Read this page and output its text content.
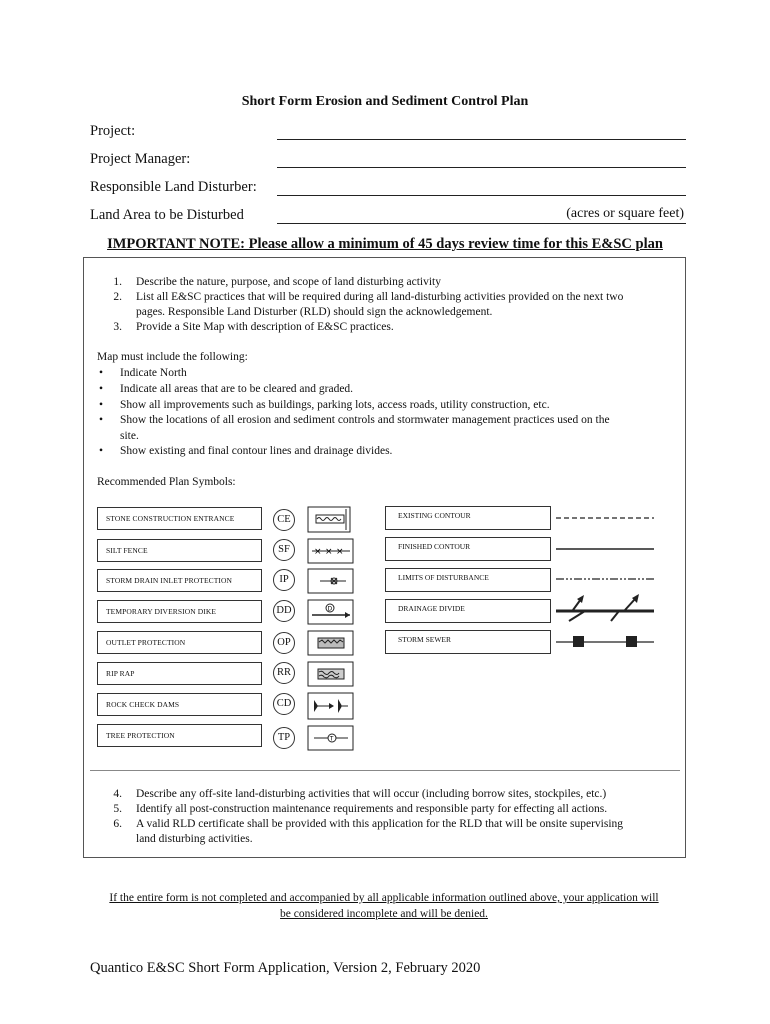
Short Form Erosion and Sediment Control Plan
Project:
Project Manager:
Responsible Land Disturber:
Land Area to be Disturbed	(acres or square feet)
IMPORTANT NOTE: Please allow a minimum of 45 days review time for this E&SC plan
1. Describe the nature, purpose, and scope of land disturbing activity
2. List all E&SC practices that will be required during all land-disturbing activities provided on the next two
pages. Responsible Land Disturber (RLD) should sign the acknowledgement.
3. Provide a Site Map with description of E&SC practices.
Map must include the following:
• Indicate North
• Indicate all areas that are to be cleared and graded.
• Show all improvements such as buildings, parking lots, access roads, utility construction, etc.
• Show the locations of all erosion and sediment controls and stormwater management practices used on the
site.
• Show existing and final contour lines and drainage divides.
Recommended Plan Symbols:
STONE CONSTRUCTION ENTRANCE	CE
SILT FENCE	SF	× × ×
STORM DRAIN INLET PROTECTION	IP
TEMPORARY DIVERSION DIKE	DD	D
OUTLET PROTECTION	OP
RIP RAP	RR
ROCK CHECK DAMS	CD
TREE PROTECTION	TP	T
EXISTING CONTOUR
FINISHED CONTOUR
LIMITS OF DISTURBANCE
DRAINAGE DIVIDE
STORM SEWER
4. Describe any off-site land-disturbing activities that will occur (including borrow sites, stockpiles, etc.)
5. Identify all post-construction maintenance requirements and responsible party for effecting all actions.
6. A valid RLD certificate shall be provided with this application for the RLD that will be onsite supervising
land disturbing activities.
If the entire form is not completed and accompanied by all applicable information outlined above, your application will
be considered incomplete and will be denied.
Quantico E&SC Short Form Application, Version 2, February 2020
